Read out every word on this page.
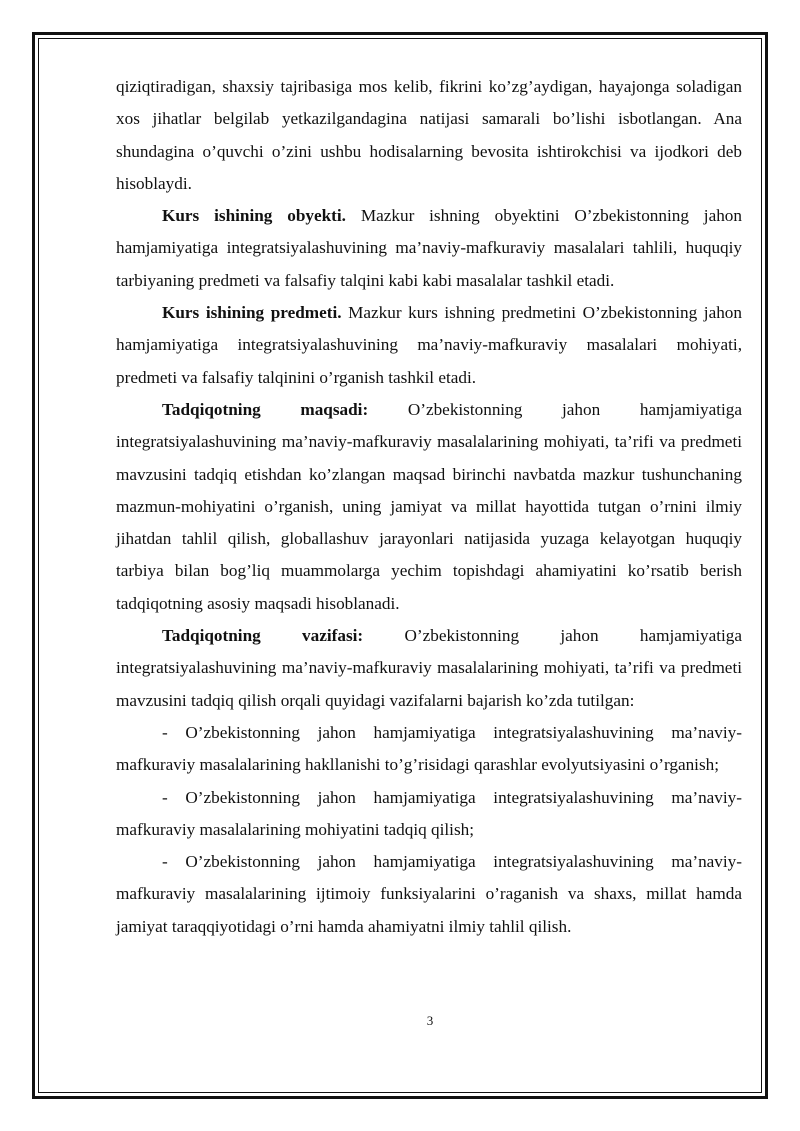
qiziqtiradigan, shaxsiy tajribasiga mos kelib, fikrini ko’zg’aydigan, hayajonga soladigan xos jihatlar belgilab yetkazilgandagina natijasi samarali bo’lishi isbotlangan. Ana shundagina o’quvchi o’zini ushbu hodisalarning bevosita ishtirokchisi va ijodkori deb hisoblaydi.

Kurs ishining obyekti. Mazkur ishning obyektini O’zbekistonning jahon hamjamiyatiga integratsiyalashuvining ma’naviy-mafkuraviy masalalari tahlili, huquqiy tarbiyaning predmeti va falsafiy talqini kabi kabi masalalar tashkil etadi.

Kurs ishining predmeti. Mazkur kurs ishning predmetini O’zbekistonning jahon hamjamiyatiga integratsiyalashuvining ma’naviy-mafkuraviy masalalari mohiyati, predmeti va falsafiy talqinini o’rganish tashkil etadi.

Tadqiqotning maqsadi: O’zbekistonning jahon hamjamiyatiga integratsiyalashuvining ma’naviy-mafkuraviy masalalarining mohiyati, ta’rifi va predmeti mavzusini tadqiq etishdan ko’zlangan maqsad birinchi navbatda mazkur tushunchaning mazmun-mohiyatini o’rganish, uning jamiyat va millat hayottida tutgan o’rnini ilmiy jihatdan tahlil qilish, globallashuv jarayonlari natijasida yuzaga kelayotgan huquqiy tarbiya bilan bog’liq muammolarga yechim topishdagi ahamiyatini ko’rsatib berish tadqiqotning asosiy maqsadi hisoblanadi.

Tadqiqotning vazifasi: O’zbekistonning jahon hamjamiyatiga integratsiyalashuvining ma’naviy-mafkuraviy masalalarining mohiyati, ta’rifi va predmeti mavzusini tadqiq qilish orqali quyidagi vazifalarni bajarish ko’zda tutilgan:

- O’zbekistonning jahon hamjamiyatiga integratsiyalashuvining ma’naviy-mafkuraviy masalalarining hakllanishi to’g’risidagi qarashlar evolyutsiyasini o’rganish;

- O’zbekistonning jahon hamjamiyatiga integratsiyalashuvining ma’naviy-mafkuraviy masalalarining mohiyatini tadqiq qilish;

- O’zbekistonning jahon hamjamiyatiga integratsiyalashuvining ma’naviy-mafkuraviy masalalarining ijtimoiy funksiyalarini o’raganish va shaxs, millat hamda jamiyat taraqqiyotidagi o’rni hamda ahamiyatni ilmiy tahlil qilish.

3
